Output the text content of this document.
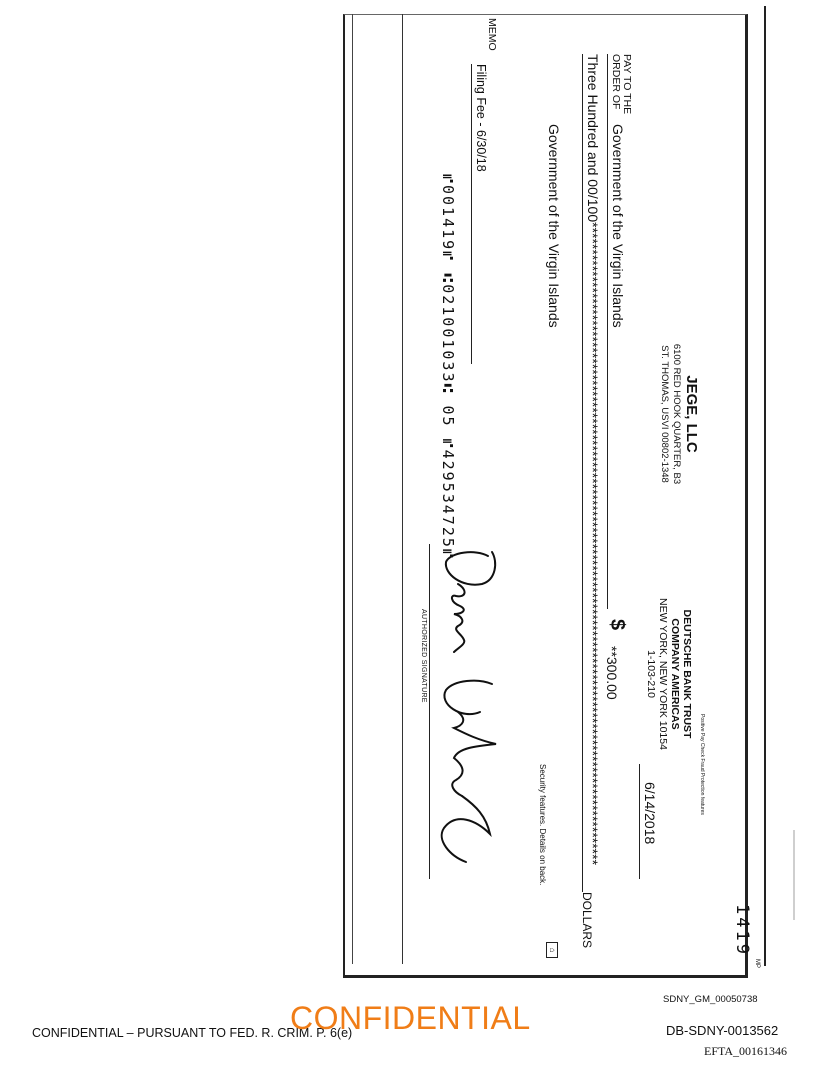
1419
MP
JEGE, LLC
6100 RED HOOK QUARTER, B3
ST. THOMAS, USVI 00802-1348
Positive Pay Check Fraud Protection features
DEUTSCHE BANK TRUST
COMPANY AMERICAS
NEW YORK, NEW YORK 10154
1-103-210
6/14/2018
PAY TO THE
ORDER OF
Government of the Virgin Islands
$
**300.00
Three Hundred and 00/100**********************************************************************************************************************
DOLLARS
Government of the Virgin Islands
⌂
Security features. Details on back.
MEMO
Filing Fee - 6/30/18
AUTHORIZED SIGNATURE
⑈001419⑈ ⑆021001033⑆ 05 ⑈429534725⑈
CONFIDENTIAL – PURSUANT TO FED. R. CRIM. P. 6(e)
CONFIDENTIAL
SDNY_GM_00050738
DB-SDNY-0013562
EFTA_00161346
